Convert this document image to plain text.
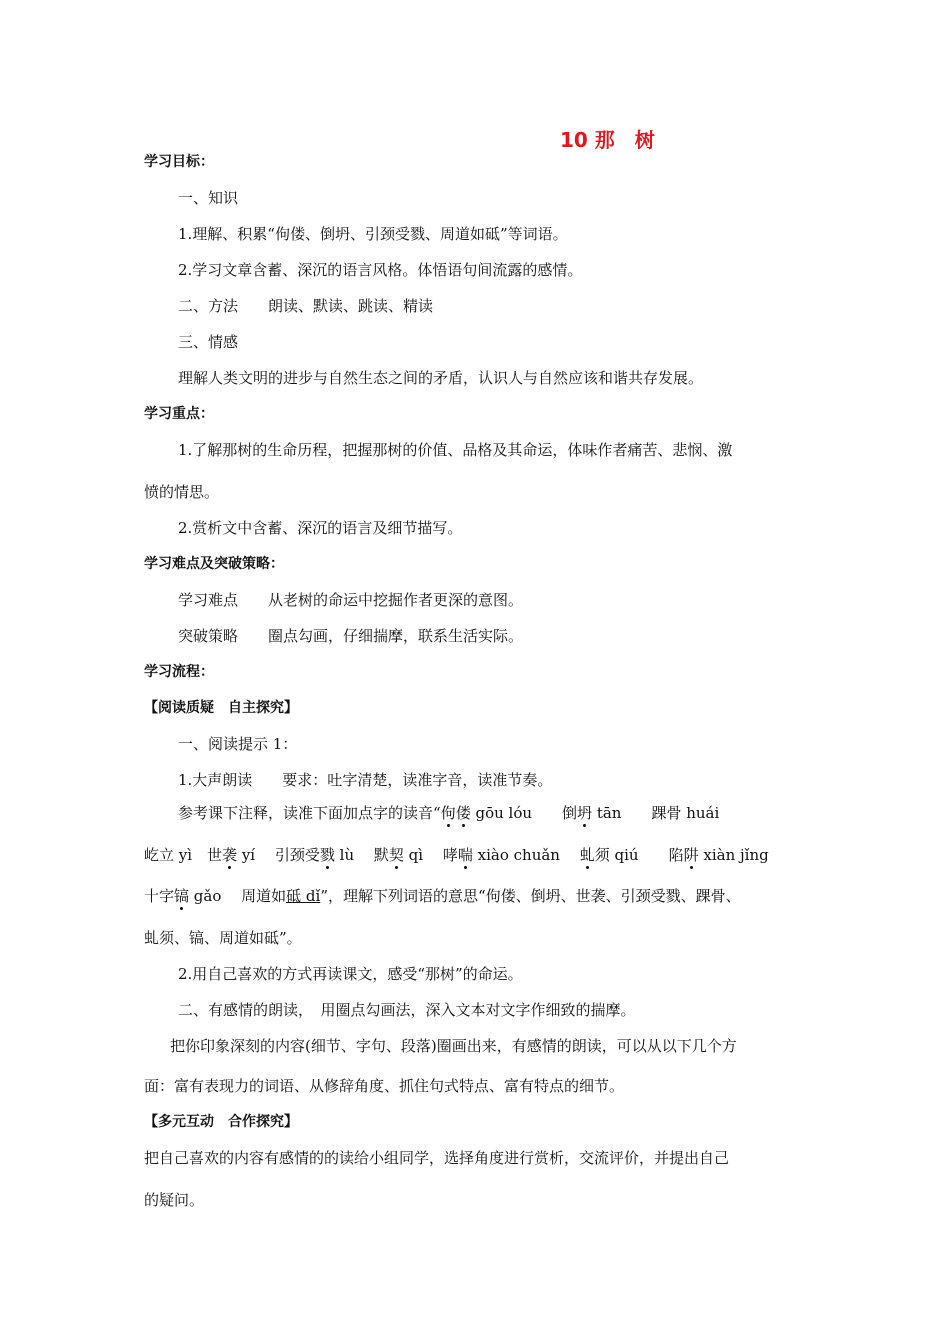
10 那　树
学习目标：
一、知识
1.理解、积累“佝偻、倒坍、引颈受戮、周道如砥”等词语。
2.学习文章含蓄、深沉的语言风格。体悟语句间流露的感情。
二、方法　　朗读、默读、跳读、精读
三、情感
理解人类文明的进步与自然生态之间的矛盾，认识人与自然应该和谐共存发展。
学习重点：
1.了解那树的生命历程，把握那树的价值、品格及其命运，体味作者痛苦、悲悯、激
愤的情思。
2.赏析文中含蓄、深沉的语言及细节描写。
学习难点及突破策略：
学习难点　　从老树的命运中挖掘作者更深的意图。
突破策略　　圈点勾画，仔细揣摩，联系生活实际。
学习流程：
【阅读质疑　自主探究】
一、阅读提示 1：
1.大声朗读　　要求：吐字清楚，读准字音，读准节奏。
参考课下注释，读准下面加点字的读音“佝偻 gōu lóu　　倒坍 tān　　踝骨 huái
屹立 yì　世袭 yí　 引颈受戮 lù　 默契 qì　 哮喘 xiào chuǎn　 虬须 qiú　　陷阱 xiàn jǐng
十字镐 gǎo　 周道如砥 dǐ”，理解下列词语的意思“佝偻、倒坍、世袭、引颈受戮、踝骨、
虬须、镐、周道如砥”。
2.用自己喜欢的方式再读课文，感受“那树”的命运。
二、有感情的朗读，　用圈点勾画法，深入文本对文字作细致的揣摩。
把你印象深刻的内容(细节、字句、段落)圈画出来，有感情的朗读，可以从以下几个方
面：富有表现力的词语、从修辞角度、抓住句式特点、富有特点的细节。
【多元互动　合作探究】
把自己喜欢的内容有感情的的读给小组同学，选择角度进行赏析，交流评价，并提出自己
的疑问。
